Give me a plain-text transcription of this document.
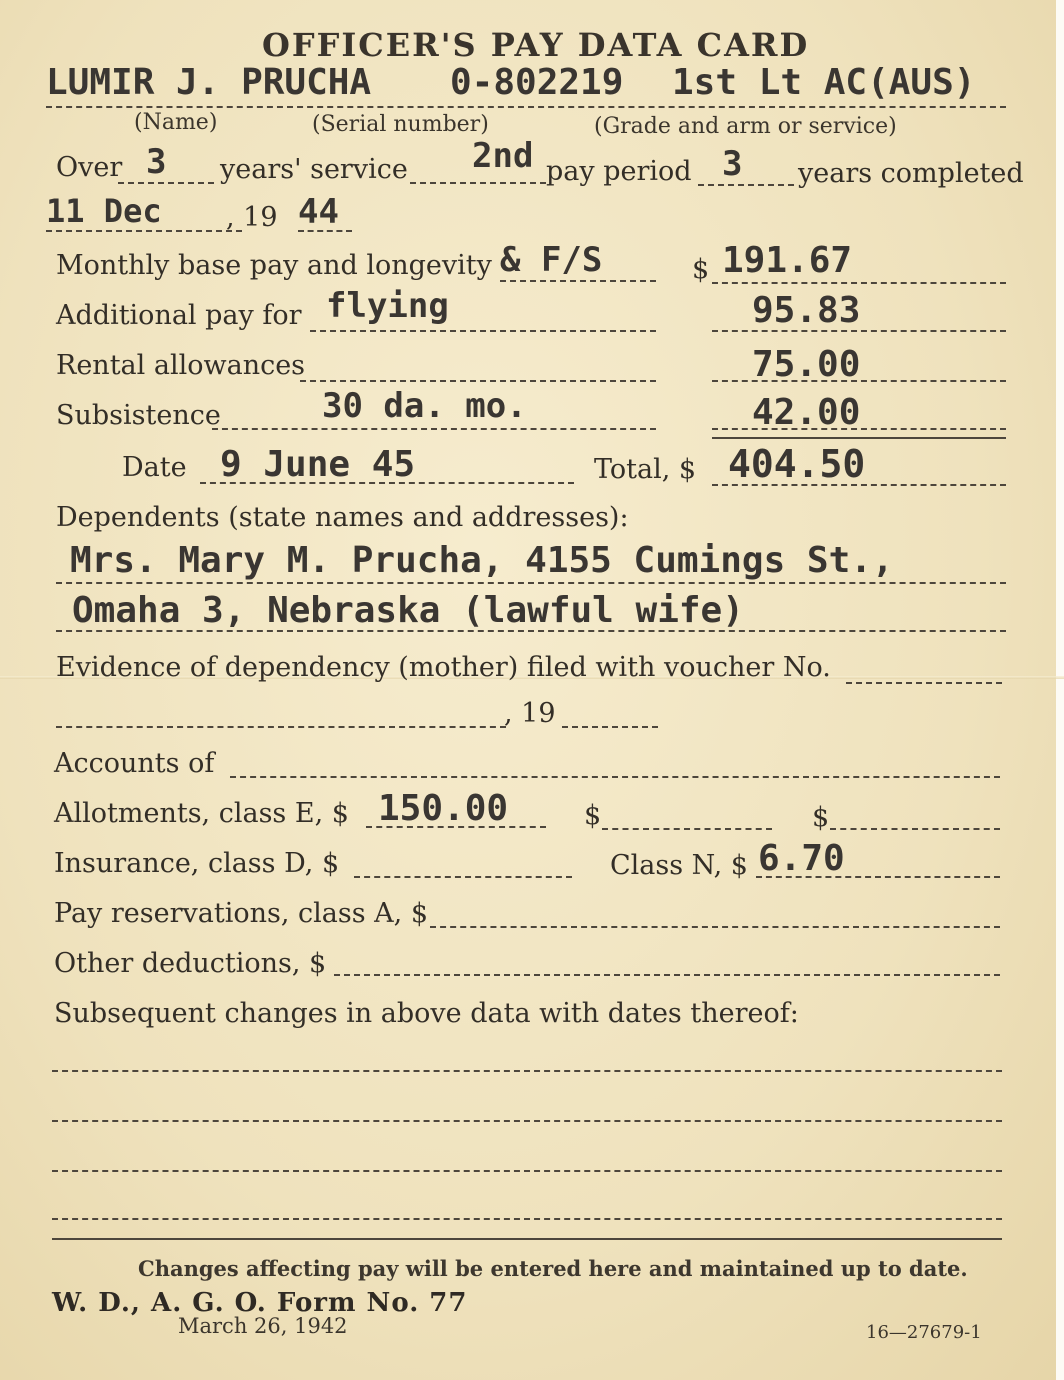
OFFICER'S PAY DATA CARD
LUMIR J. PRUCHA 0-802219 1st Lt AC(AUS)
(Name)	(Serial number)	(Grade and arm or service)
Over 3 years' service 2nd pay period 3 years completed
11 Dec , 19 44
Monthly base pay and longevity & F/S	$ 191.67
Additional pay for flying	95.83
Rental allowances	75.00
Subsistence	30 da. mo.	42.00
Date 9 June 45	Total, $ 404.50
Dependents (state names and addresses):
Mrs. Mary M. Prucha, 4155 Cumings St.,
Omaha 3, Nebraska (lawful wife)
Evidence of dependency (mother) filed with voucher No.
, 19
Accounts of
Allotments, class E, $ 150.00	$	$
Insurance, class D, $	Class N, $ 6.70
Pay reservations, class A, $
Other deductions, $
Subsequent changes in above data with dates thereof:
Changes affecting pay will be entered here and maintained up to date.
W. D., A. G. O. Form No. 77
March 26, 1942	16—27679-1
